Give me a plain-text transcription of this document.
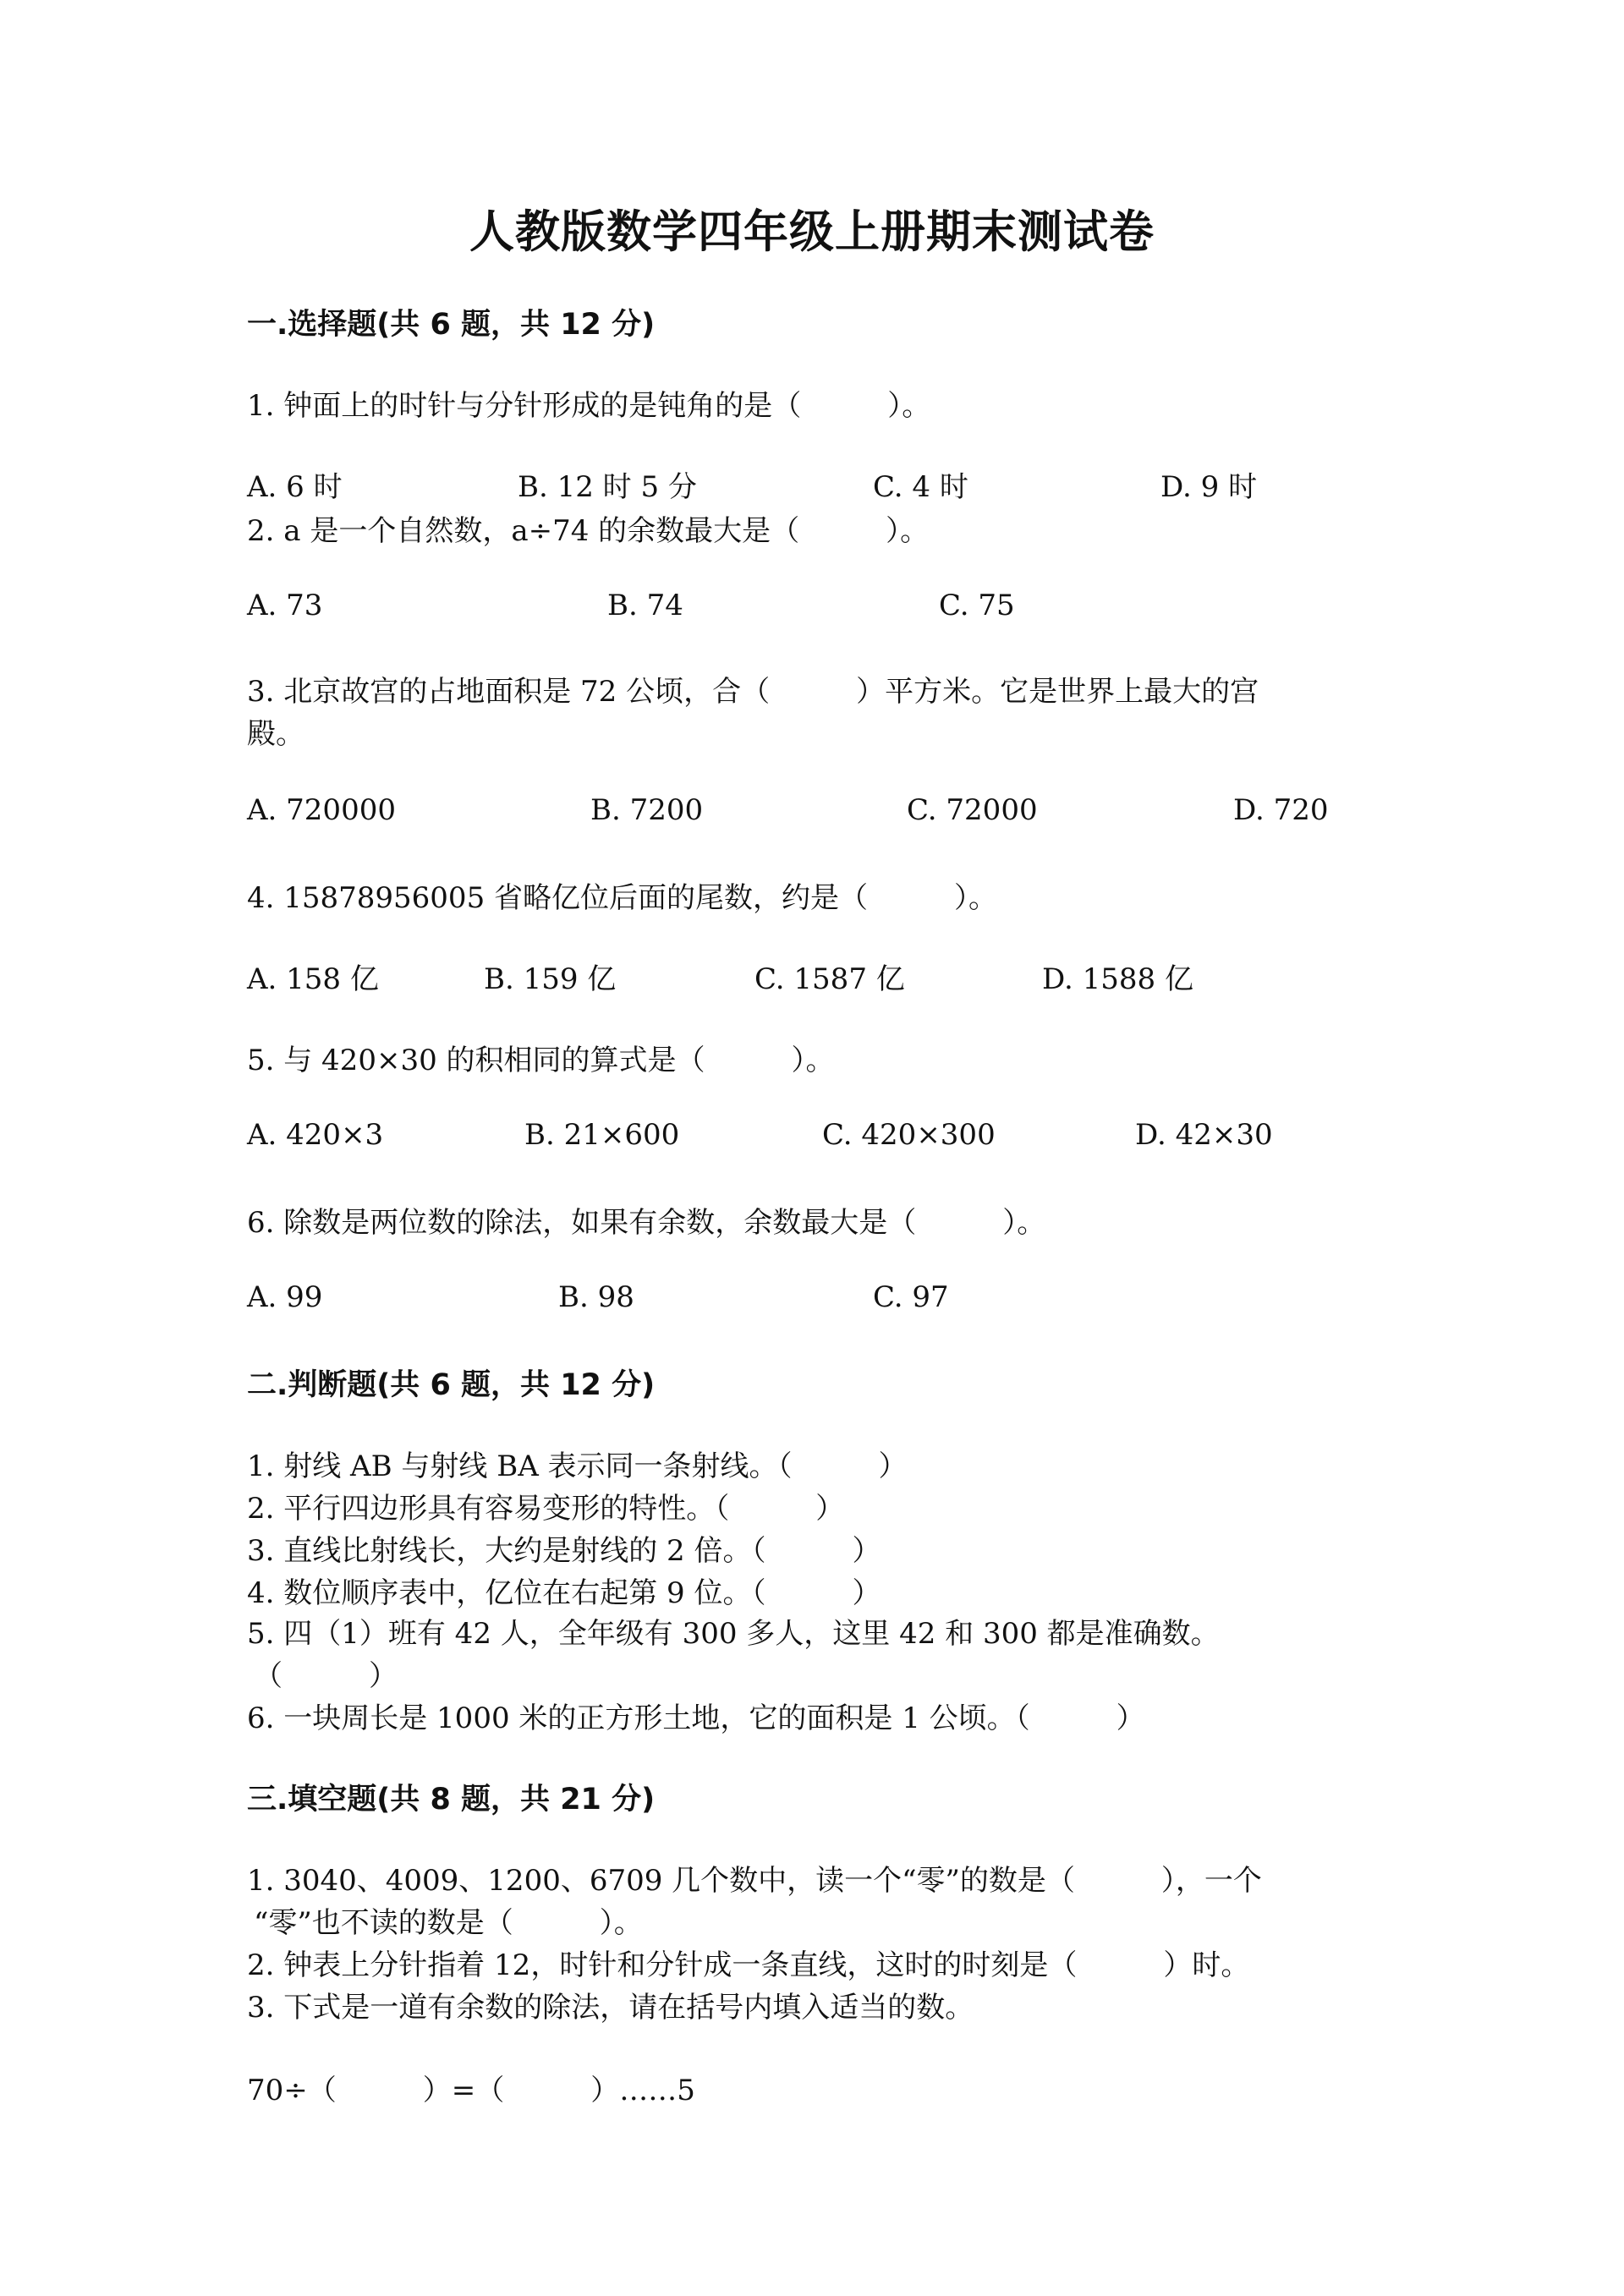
人教版数学四年级上册期末测试卷
一.选择题(共 6 题，共 12 分)
1. 钟面上的时针与分针形成的是钝角的是（　　　）。
A. 6 时	B. 12 时 5 分	C. 4 时	D. 9 时
2. a 是一个自然数，a÷74 的余数最大是（　　　）。
A. 73	B. 74	C. 75
3. 北京故宫的占地面积是 72 公顷，合（　　　）平方米。它是世界上最大的宫
殿。
A. 720000	B. 7200	C. 72000	D. 720
4. 15878956005 省略亿位后面的尾数，约是（　　　）。
A. 158 亿	B. 159 亿	C. 1587 亿	D. 1588 亿
5. 与 420×30 的积相同的算式是（　　　）。
A. 420×3	B. 21×600	C. 420×300	D. 42×30
6. 除数是两位数的除法，如果有余数，余数最大是（　　　）。
A. 99	B. 98	C. 97
二.判断题(共 6 题，共 12 分)
1. 射线 AB 与射线 BA 表示同一条射线。（　　　）
2. 平行四边形具有容易变形的特性。（　　　）
3. 直线比射线长，大约是射线的 2 倍。（　　　）
4. 数位顺序表中，亿位在右起第 9 位。（　　　）
5. 四（1）班有 42 人，全年级有 300 多人，这里 42 和 300 都是准确数。
（　　　）
6. 一块周长是 1000 米的正方形土地，它的面积是 1 公顷。（　　　）
三.填空题(共 8 题，共 21 分)
1. 3040、4009、1200、6709 几个数中，读一个“零”的数是（　　　），一个
“零”也不读的数是（　　　）。
2. 钟表上分针指着 12，时针和分针成一条直线，这时的时刻是（　　　）时。
3. 下式是一道有余数的除法，请在括号内填入适当的数。
70÷（　　　）=（　　　）……5
